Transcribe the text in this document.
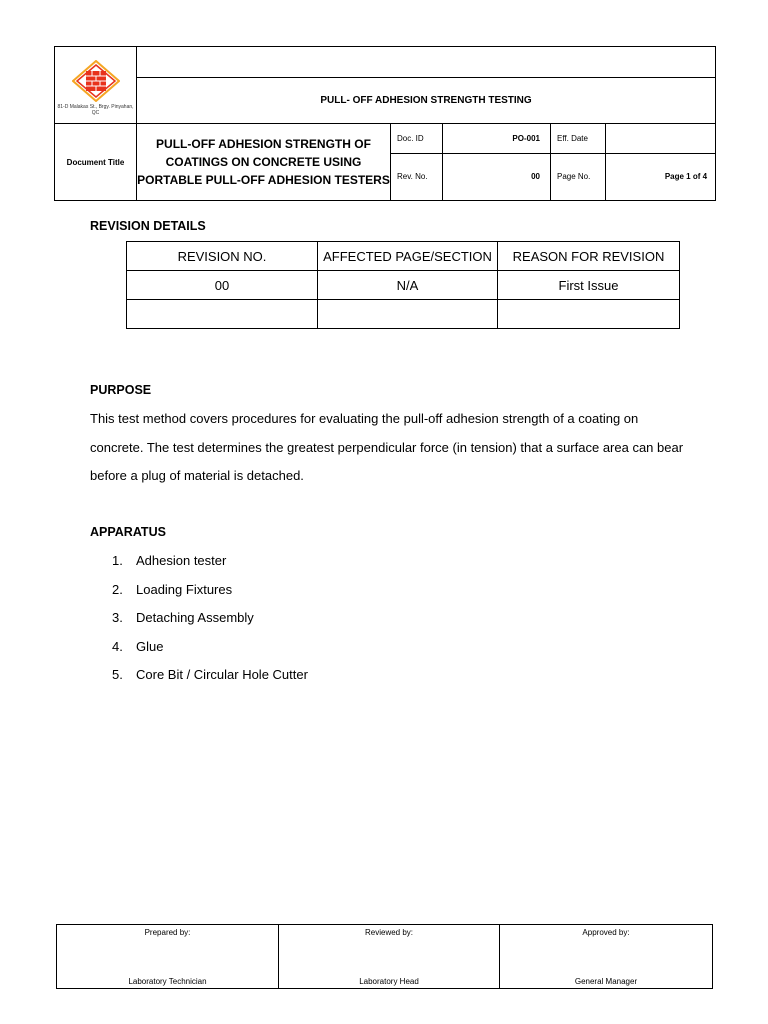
81-D Malakas St., Brgy. Pinyahan, QC					

	PULL- OFF ADHESION STRENGTH TESTING				
Document Title	PULL-OFF ADHESION STRENGTH OF COATINGS ON CONCRETE USING PORTABLE PULL-OFF ADHESION TESTERS	Doc. ID	PO-001	Eff. Date	
		Rev. No.	00	Page No.	Page 1 of 4
REVISION DETAILS
REVISION NO.	AFFECTED PAGE/SECTION	REASON FOR REVISION
00	N/A	First Issue

PURPOSE

This test method covers procedures for evaluating the pull-off adhesion strength of a coating on concrete. The test determines the greatest perpendicular force (in tension) that a surface area can bear before a plug of material is detached.

APPARATUS
1.	Adhesion tester
2.	Loading Fixtures
3.	Detaching Assembly
4.	Glue
5.	Core Bit / Circular Hole Cutter
Prepared by:
Laboratory Technician

Reviewed by:
Laboratory Head

Approved by:
General Manager
